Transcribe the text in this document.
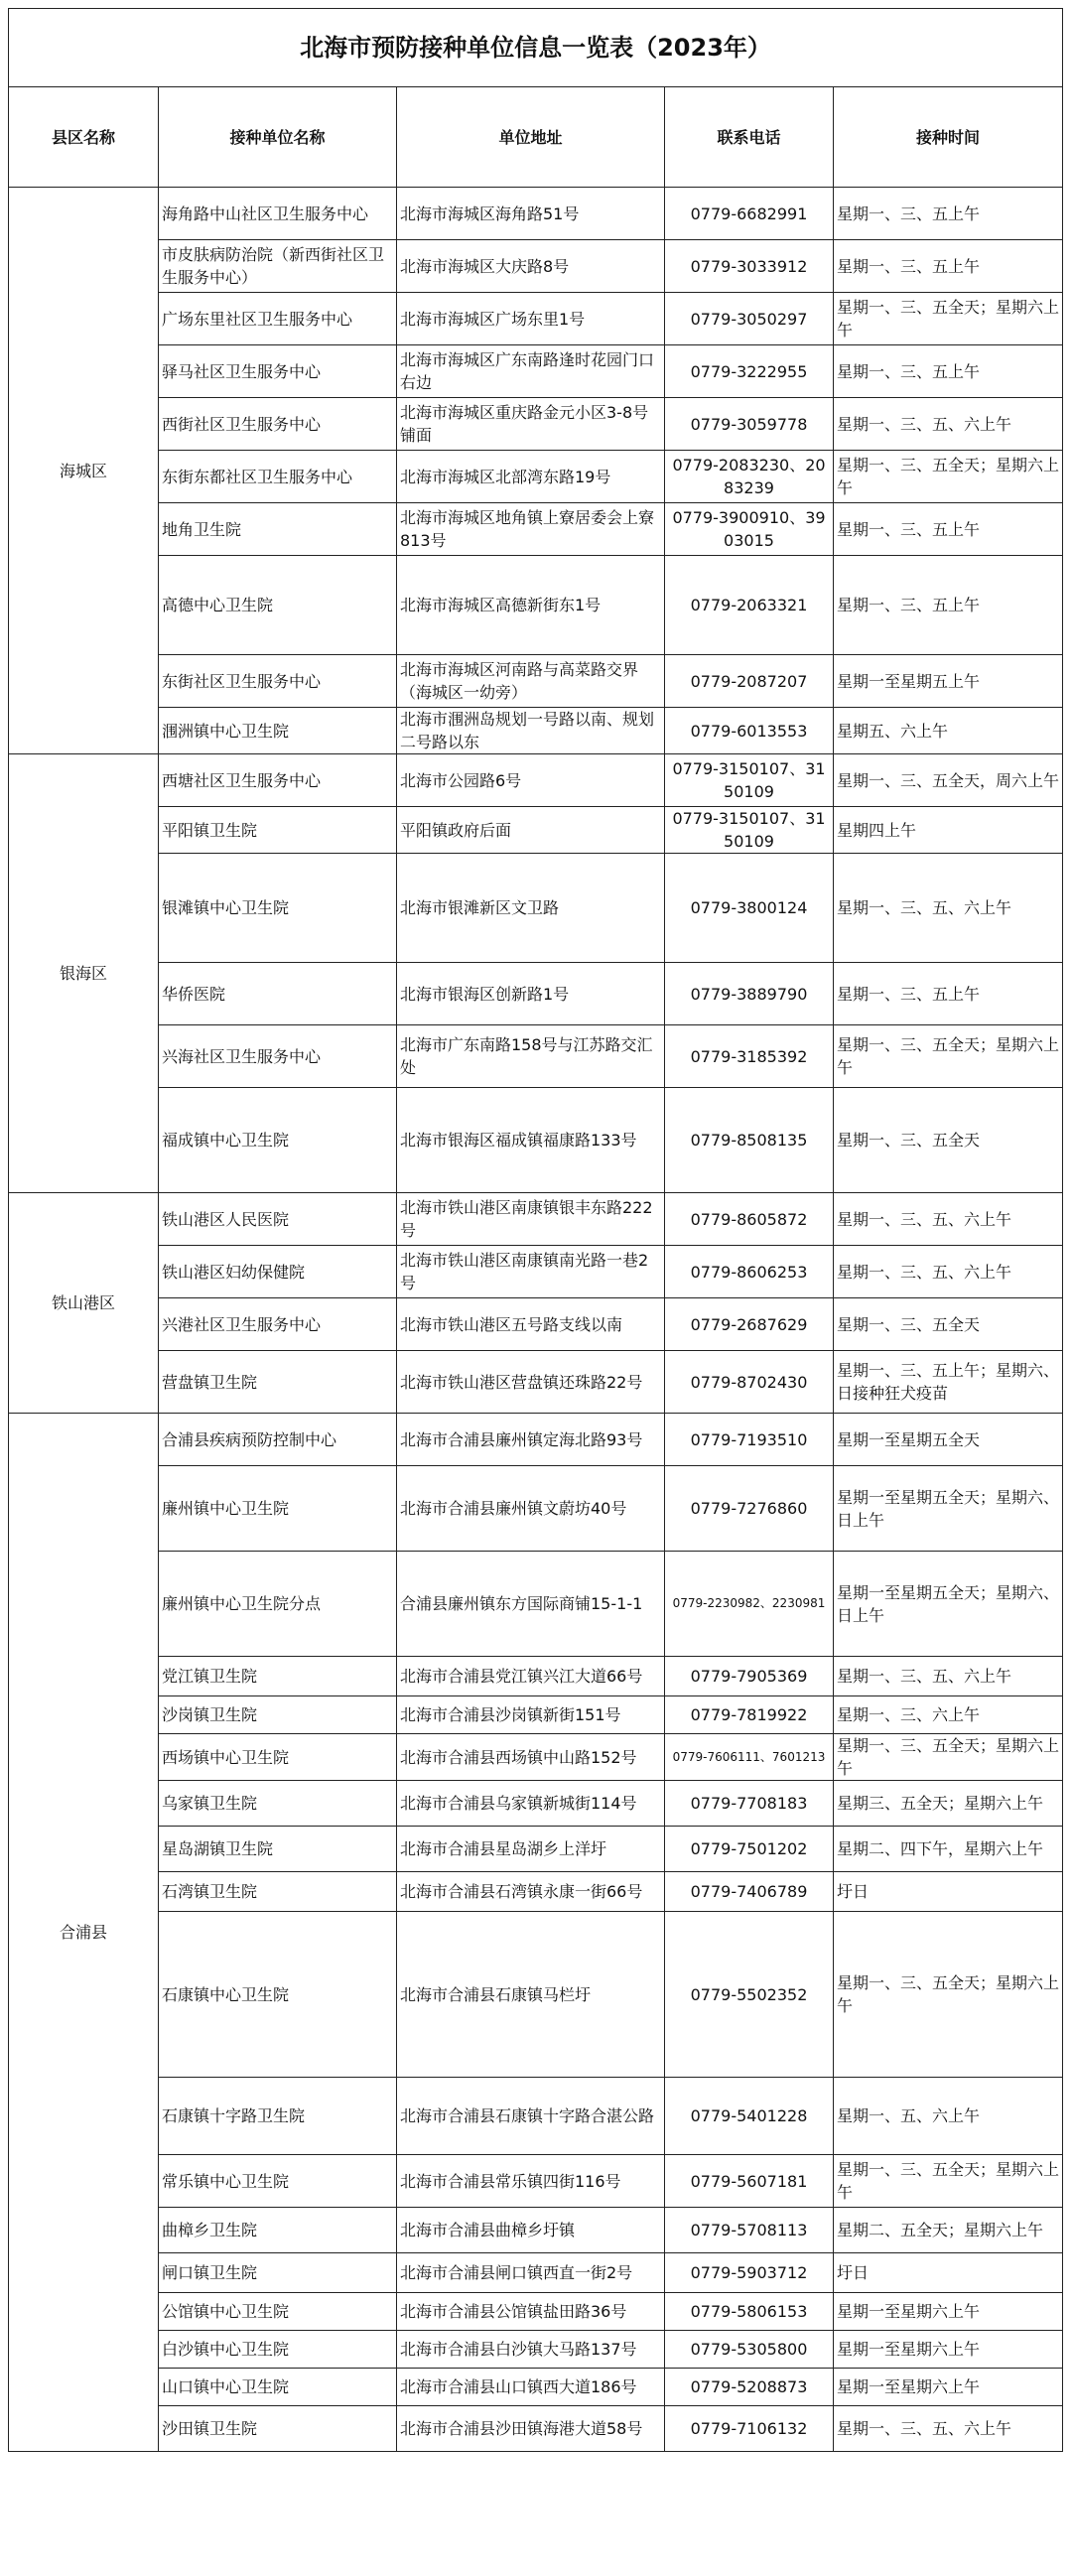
北海市预防接种单位信息一览表（2023年）				
县区名称	接种单位名称	单位地址	联系电话	接种时间
海城区	海角路中山社区卫生服务中心	北海市海城区海角路51号	0779-6682991	星期一、三、五上午
	市皮肤病防治院（新西街社区卫生服务中心）	北海市海城区大庆路8号	0779-3033912	星期一、三、五上午
	广场东里社区卫生服务中心	北海市海城区广场东里1号	0779-3050297	星期一、三、五全天；星期六上午
	驿马社区卫生服务中心	北海市海城区广东南路逢时花园门口右边	0779-3222955	星期一、三、五上午
	西街社区卫生服务中心	北海市海城区重庆路金元小区3-8号铺面	0779-3059778	星期一、三、五、六上午
	东街东都社区卫生服务中心	北海市海城区北部湾东路19号	0779-2083230、2083239	星期一、三、五全天；星期六上午
	地角卫生院	北海市海城区地角镇上寮居委会上寮813号	0779-3900910、3903015	星期一、三、五上午
	高德中心卫生院	北海市海城区高德新街东1号	0779-2063321	星期一、三、五上午
	东街社区卫生服务中心	北海市海城区河南路与高菜路交界（海城区一幼旁）	0779-2087207	星期一至星期五上午
	涠洲镇中心卫生院	北海市涠洲岛规划一号路以南、规划二号路以东	0779-6013553	星期五、六上午
银海区	西塘社区卫生服务中心	北海市公园路6号	0779-3150107、3150109	星期一、三、五全天，周六上午
	平阳镇卫生院	平阳镇政府后面	0779-3150107、3150109	星期四上午
	银滩镇中心卫生院	北海市银滩新区文卫路	0779-3800124	星期一、三、五、六上午
	华侨医院	北海市银海区创新路1号	0779-3889790	星期一、三、五上午
	兴海社区卫生服务中心	北海市广东南路158号与江苏路交汇处	0779-3185392	星期一、三、五全天；星期六上午
	福成镇中心卫生院	北海市银海区福成镇福康路133号	0779-8508135	星期一、三、五全天
铁山港区	铁山港区人民医院	北海市铁山港区南康镇银丰东路222号	0779-8605872	星期一、三、五、六上午
	铁山港区妇幼保健院	北海市铁山港区南康镇南光路一巷2号	0779-8606253	星期一、三、五、六上午
	兴港社区卫生服务中心	北海市铁山港区五号路支线以南	0779-2687629	星期一、三、五全天
	营盘镇卫生院	北海市铁山港区营盘镇还珠路22号	0779-8702430	星期一、三、五上午；星期六、日接种狂犬疫苗
合浦县	合浦县疾病预防控制中心	北海市合浦县廉州镇定海北路93号	0779-7193510	星期一至星期五全天
	廉州镇中心卫生院	北海市合浦县廉州镇文蔚坊40号	0779-7276860	星期一至星期五全天；星期六、日上午
	廉州镇中心卫生院分点	合浦县廉州镇东方国际商铺15-1-1	0779-2230982、2230981	星期一至星期五全天；星期六、日上午
	党江镇卫生院	北海市合浦县党江镇兴江大道66号	0779-7905369	星期一、三、五、六上午
	沙岗镇卫生院	北海市合浦县沙岗镇新街151号	0779-7819922	星期一、三、六上午
	西场镇中心卫生院	北海市合浦县西场镇中山路152号	0779-7606111、7601213	星期一、三、五全天；星期六上午
	乌家镇卫生院	北海市合浦县乌家镇新城街114号	0779-7708183	星期三、五全天；星期六上午
	星岛湖镇卫生院	北海市合浦县星岛湖乡上洋圩	0779-7501202	星期二、四下午，星期六上午
	石湾镇卫生院	北海市合浦县石湾镇永康一街66号	0779-7406789	圩日
	石康镇中心卫生院	北海市合浦县石康镇马栏圩	0779-5502352	星期一、三、五全天；星期六上午
	石康镇十字路卫生院	北海市合浦县石康镇十字路合湛公路	0779-5401228	星期一、五、六上午
	常乐镇中心卫生院	北海市合浦县常乐镇四街116号	0779-5607181	星期一、三、五全天；星期六上午
	曲樟乡卫生院	北海市合浦县曲樟乡圩镇	0779-5708113	星期二、五全天；星期六上午
	闸口镇卫生院	北海市合浦县闸口镇西直一街2号	0779-5903712	圩日
	公馆镇中心卫生院	北海市合浦县公馆镇盐田路36号	0779-5806153	星期一至星期六上午
	白沙镇中心卫生院	北海市合浦县白沙镇大马路137号	0779-5305800	星期一至星期六上午
	山口镇中心卫生院	北海市合浦县山口镇西大道186号	0779-5208873	星期一至星期六上午
	沙田镇卫生院	北海市合浦县沙田镇海港大道58号	0779-7106132	星期一、三、五、六上午
